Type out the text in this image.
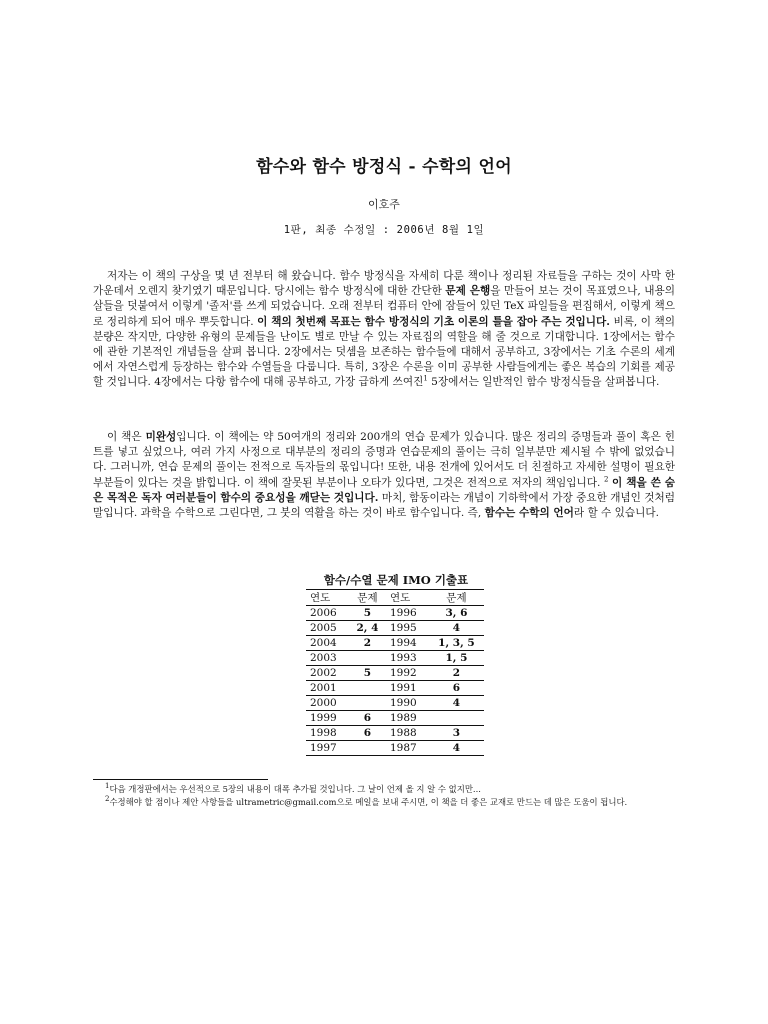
함수와 함수 방정식 - 수학의 언어
이호주
1판, 최종 수정일 : 2006년 8월 1일
저자는 이 책의 구상을 몇 년 전부터 해 왔습니다. 함수 방정식을 자세히 다룬 책이나 정리된 자료들을 구하는 것이 사막 한가운데서 오렌지 찾기였기 때문입니다. 당시에는 함수 방정식에 대한 간단한 문제 은행을 만들어 보는 것이 목표였으나, 내용의 살들을 덧붙여서 이렇게 '졸저'를 쓰게 되었습니다. 오래 전부터 컴퓨터 안에 잠들어 있던 TeX 파일들을 편집해서, 이렇게 책으로 정리하게 되어 매우 뿌듯합니다. 이 책의 첫번째 목표는 함수 방정식의 기초 이론의 틀을 잡아 주는 것입니다. 비록, 이 책의 분량은 작지만, 다양한 유형의 문제들을 난이도 별로 만날 수 있는 자료집의 역할을 해 줄 것으로 기대합니다. 1장에서는 함수에 관한 기본적인 개념들을 살펴 봅니다. 2장에서는 덧셈을 보존하는 함수들에 대해서 공부하고, 3장에서는 기초 수론의 세계에서 자연스럽게 등장하는 함수와 수열들을 다룹니다. 특히, 3장은 수론을 이미 공부한 사람들에게는 좋은 복습의 기회를 제공할 것입니다. 4장에서는 다항 함수에 대해 공부하고, 가장 급하게 쓰여진$^1$ 5장에서는 일반적인 함수 방정식들을 살펴봅니다.
이 책은 미완성입니다. 이 책에는 약 50여개의 정리와 200개의 연습 문제가 있습니다. 많은 정리의 증명들과 풀이 혹은 힌트를 넣고 싶었으나, 여러 가지 사정으로 대부분의 정리의 증명과 연습문제의 풀이는 극히 일부분만 제시될 수 밖에 없었습니다. 그러니까, 연습 문제의 풀이는 전적으로 독자들의 몫입니다! 또한, 내용 전개에 있어서도 더 친절하고 자세한 설명이 필요한 부분들이 있다는 것을 밝힙니다. 이 책에 잘못된 부분이나 오타가 있다면, 그것은 전적으로 저자의 책임입니다. $^2$ 이 책을 쓴 숨은 목적은 독자 여러분들이 함수의 중요성을 깨닫는 것입니다. 마치, 함동이라는 개념이 기하학에서 가장 중요한 개념인 것처럼 말입니다. 과학을 수학으로 그린다면, 그 붓의 역활을 하는 것이 바로 함수입니다. 즉, 함수는 수학의 언어라 할 수 있습니다.
함수/수열 문제 IMO 기출표
연도	문제	연도	문제
2006	5	1996	3, 6
2005	2, 4	1995	4
2004	2	1994	1, 3, 5
2003		1993	1, 5
2002	5	1992	2
2001		1991	6
2000		1990	4
1999	6	1989	
1998	6	1988	3
1997		1987	4

$^1$다음 개정판에서는 우선적으로 5장의 내용이 대폭 추가될 것입니다. 그 날이 언제 올 지 알 수 없지만...

$^2$수정해야 할 점이나 제안 사항들을 ultrametric@gmail.com으로 메일을 보내 주시면, 이 책을 더 좋은 교재로 만드는 데 많은 도움이 됩니다.
